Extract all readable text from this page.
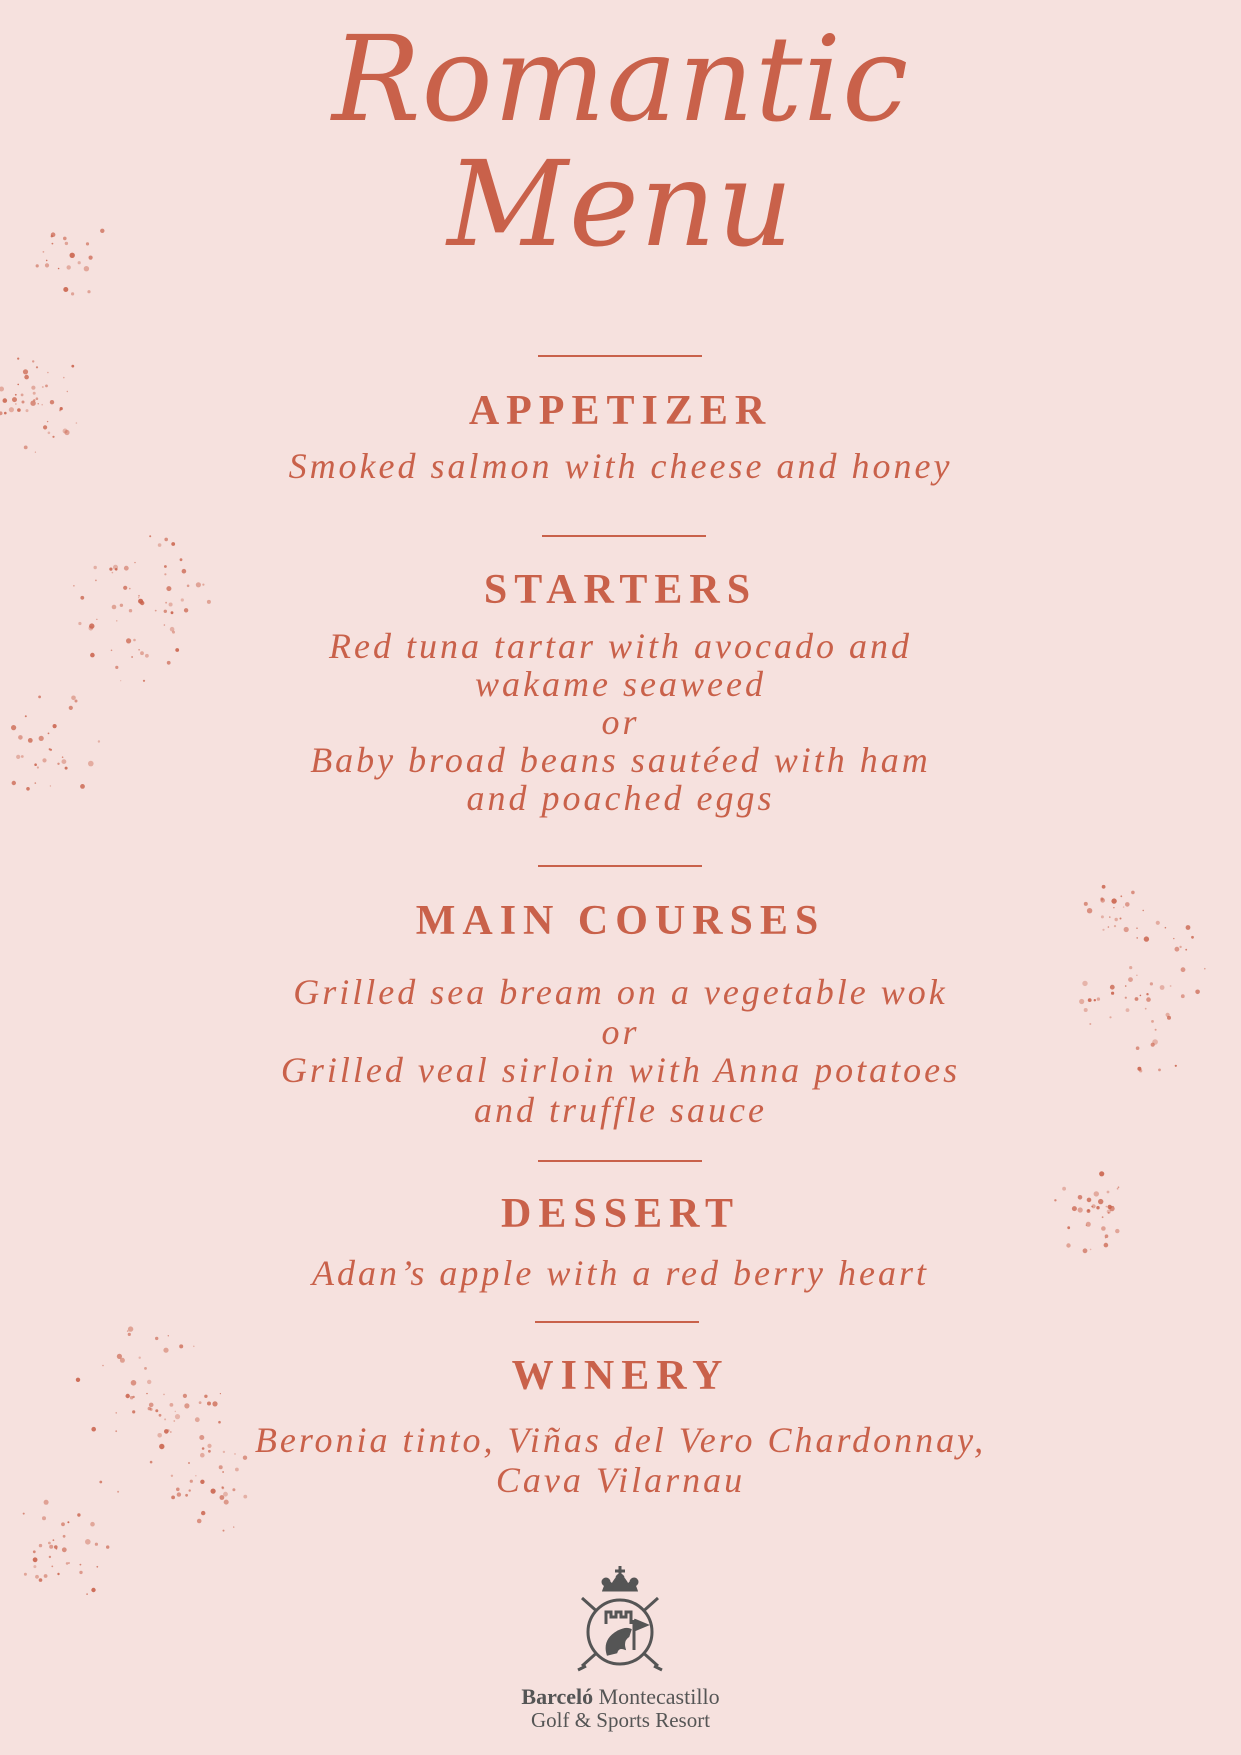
Romantic
Menu
APPETIZER
Smoked salmon with cheese and honey
STARTERS
Red tuna tartar with avocado and
wakame seaweed
or
Baby broad beans sautéed with ham
and poached eggs
MAIN COURSES
Grilled sea bream on a vegetable wok
or
Grilled veal sirloin with Anna potatoes
and truffle sauce
DESSERT
Adan’s apple with a red berry heart
WINERY
Beronia tinto, Viñas del Vero Chardonnay,
Cava Vilarnau
Barceló Montecastillo
Golf & Sports Resort
